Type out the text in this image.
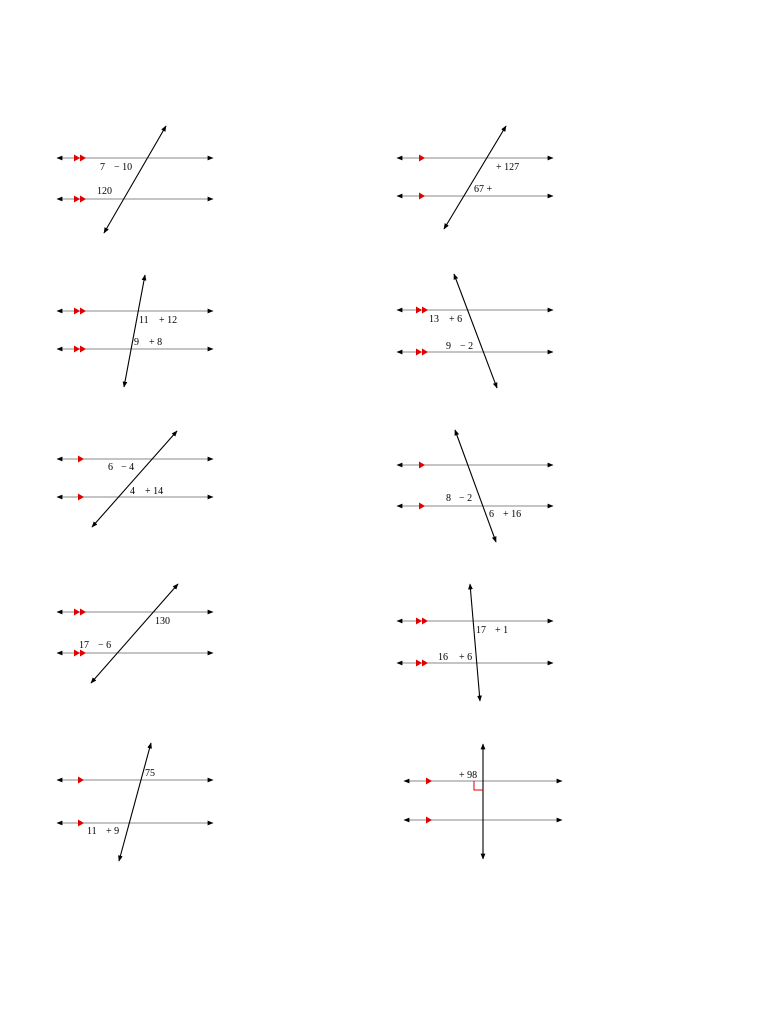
7 − 10
120
+ 127
67 +
11 + 12
9 + 8
13 + 6
9 − 2
6 − 4
4 + 14
8 − 2
6 + 16
130
17 − 6
17 + 1
16 + 6
75
11 + 9
+ 98
